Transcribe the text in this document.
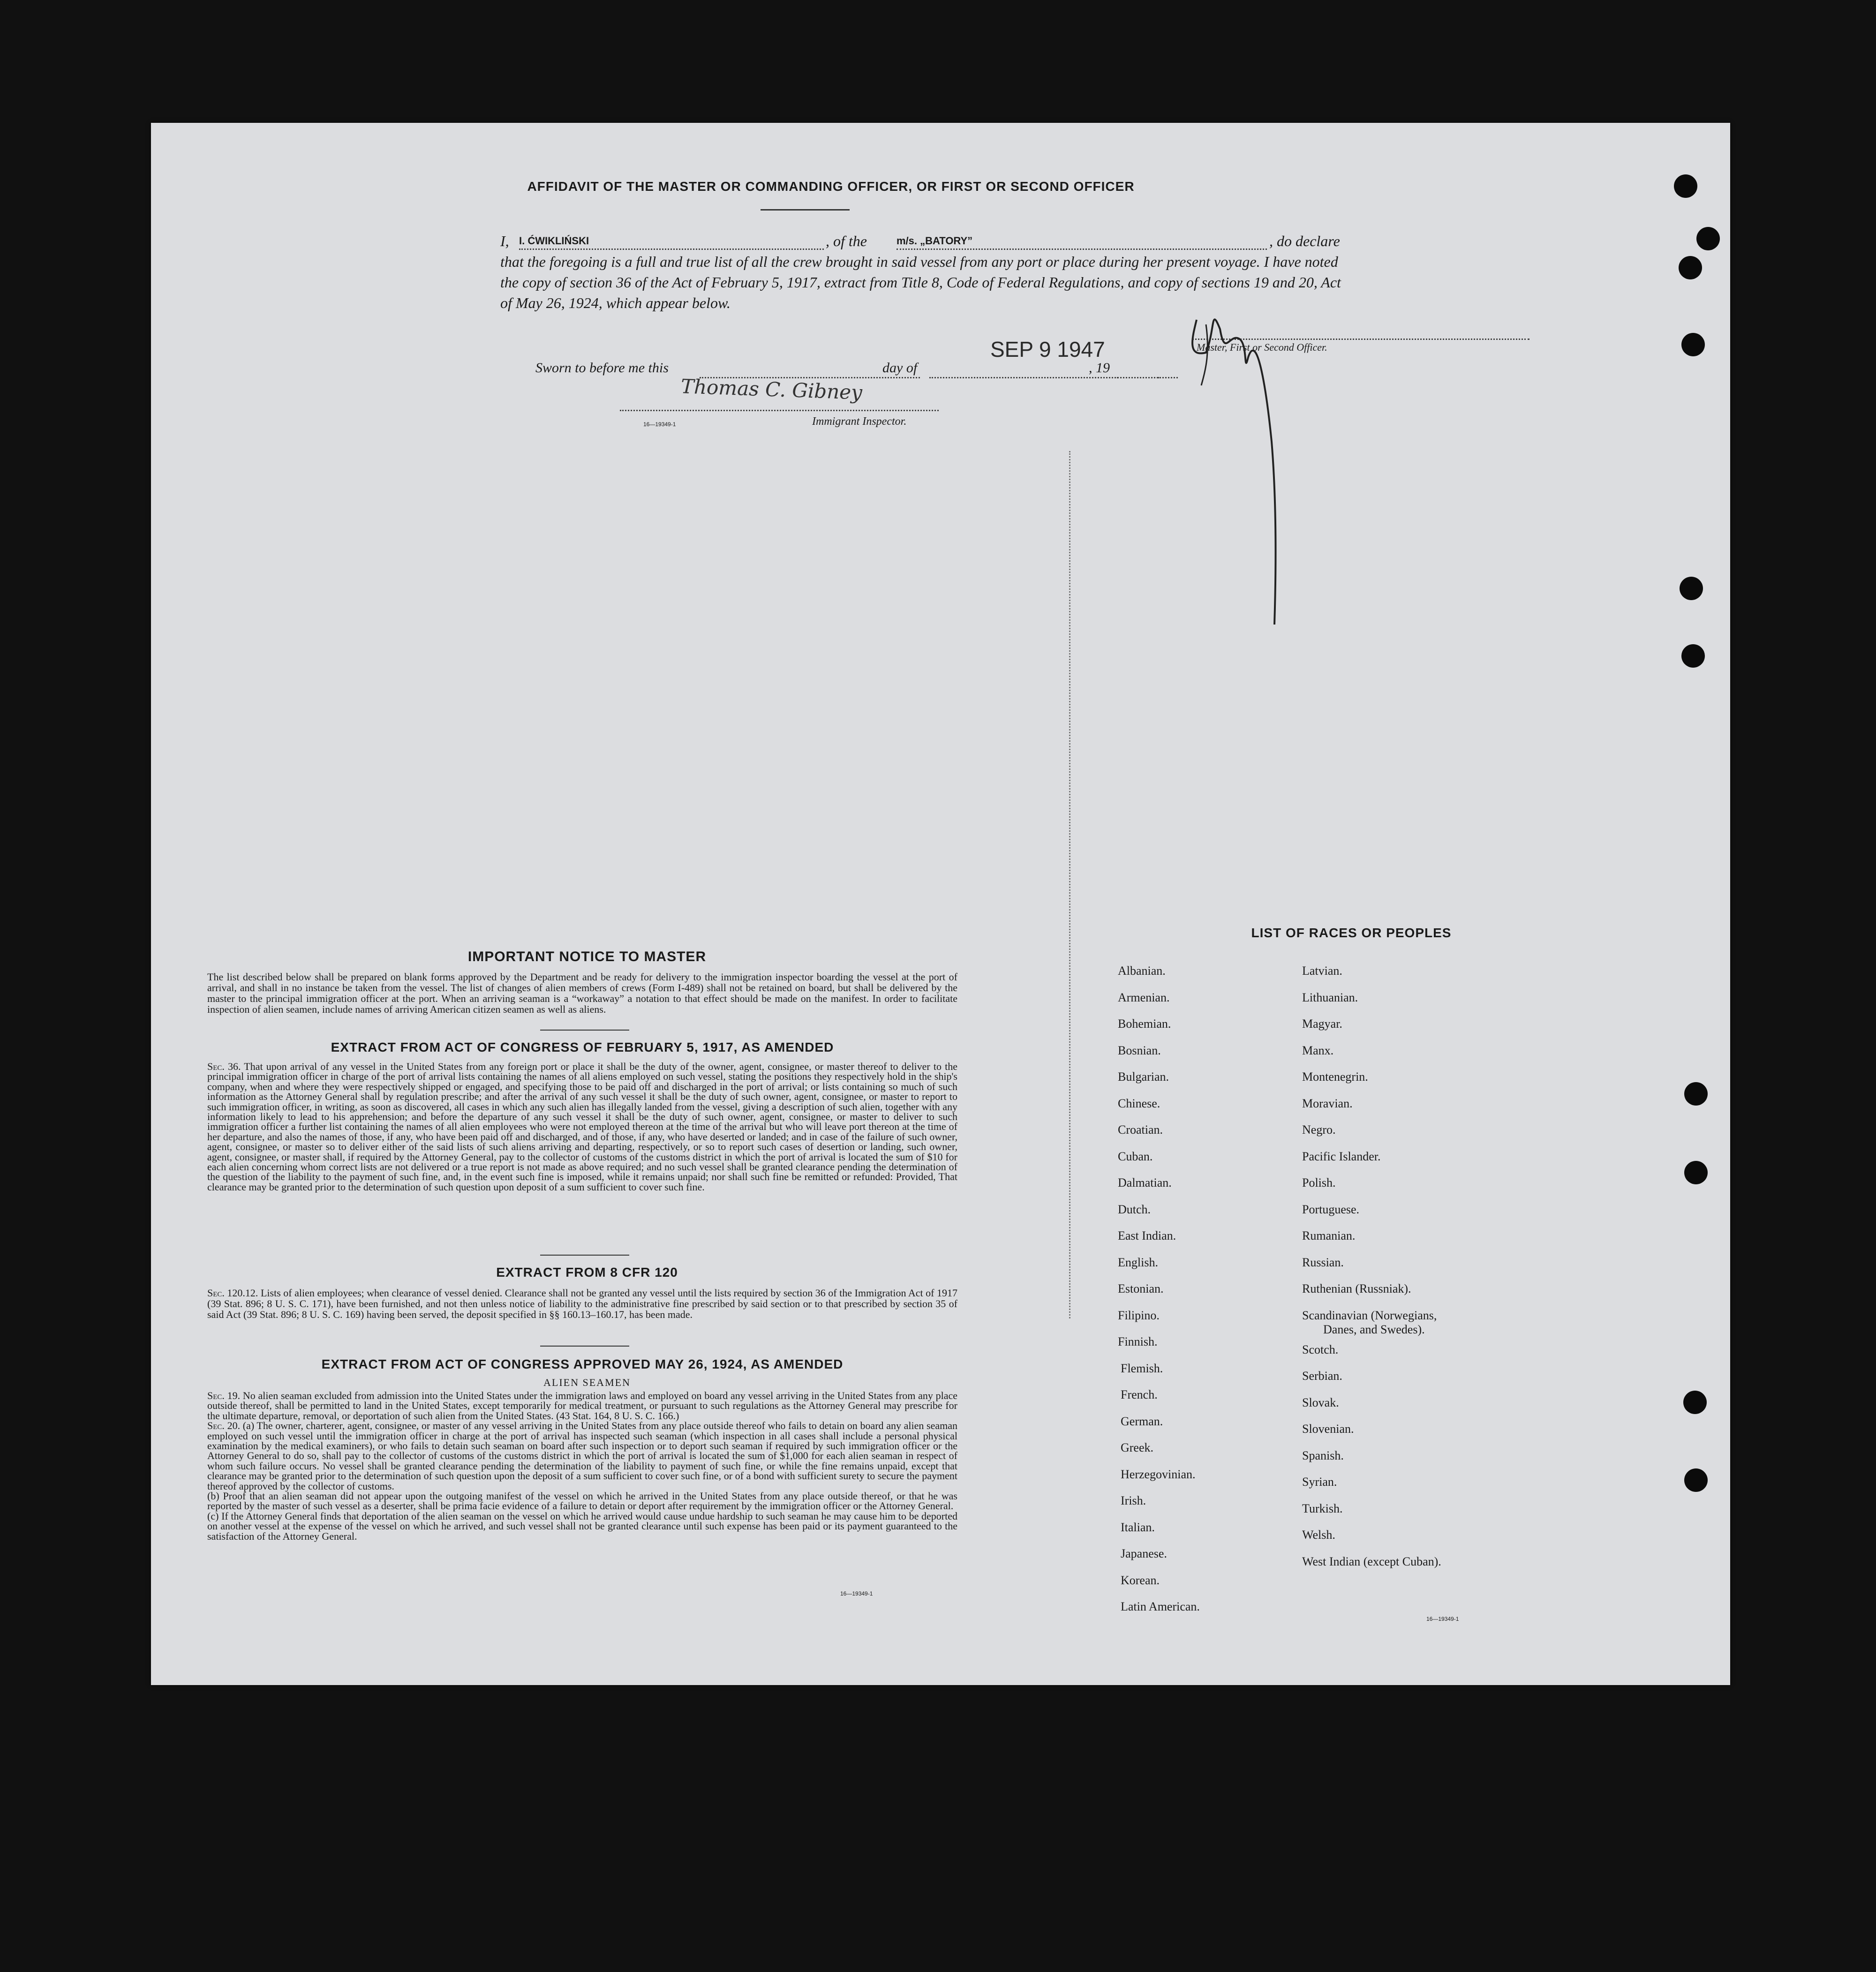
AFFIDAVIT OF THE MASTER OR COMMANDING OFFICER, OR FIRST OR SECOND OFFICER
I, I. ĆWIKLIŃSKI	, of the	m/s. „BATORY”	, do declare
that the foregoing is a full and true list of all the crew brought in said vessel from any port or place during her present voyage. I have noted the copy of section 36 of the Act of February 5, 1917, extract from Title 8, Code of Federal Regulations, and copy of sections 19 and 20, Act of May 26, 1924, which appear below.
Master, First or Second Officer.
Sworn to before me this	day of
SEP 9 1947
, 19
Thomas C. Gibney
Immigrant Inspector.
16—19349-1
IMPORTANT NOTICE TO MASTER
The list described below shall be prepared on blank forms approved by the Department and be ready for delivery to the immigration inspector boarding the vessel at the port of arrival, and shall in no instance be taken from the vessel. The list of changes of alien members of crews (Form I-489) shall not be retained on board, but shall be delivered by the master to the principal immigration officer at the port. When an arriving seaman is a “workaway” a notation to that effect should be made on the manifest. In order to facilitate inspection of alien seamen, include names of arriving American citizen seamen as well as aliens.
EXTRACT FROM ACT OF CONGRESS OF FEBRUARY 5, 1917, AS AMENDED
Sec. 36. That upon arrival of any vessel in the United States from any foreign port or place it shall be the duty of the owner, agent, consignee, or master thereof to deliver to the principal immigration officer in charge of the port of arrival lists containing the names of all aliens employed on such vessel, stating the positions they respectively hold in the ship's company, when and where they were respectively shipped or engaged, and specifying those to be paid off and discharged in the port of arrival; or lists containing so much of such information as the Attorney General shall by regulation prescribe; and after the arrival of any such vessel it shall be the duty of such owner, agent, consignee, or master to report to such immigration officer, in writing, as soon as discovered, all cases in which any such alien has illegally landed from the vessel, giving a description of such alien, together with any information likely to lead to his apprehension; and before the departure of any such vessel it shall be the duty of such owner, agent, consignee, or master to deliver to such immigration officer a further list containing the names of all alien employees who were not employed thereon at the time of the arrival but who will leave port thereon at the time of her departure, and also the names of those, if any, who have been paid off and discharged, and of those, if any, who have deserted or landed; and in case of the failure of such owner, agent, consignee, or master so to deliver either of the said lists of such aliens arriving and departing, respectively, or so to report such cases of desertion or landing, such owner, agent, consignee, or master shall, if required by the Attorney General, pay to the collector of customs of the customs district in which the port of arrival is located the sum of $10 for each alien concerning whom correct lists are not delivered or a true report is not made as above required; and no such vessel shall be granted clearance pending the determination of the question of the liability to the payment of such fine, and, in the event such fine is imposed, while it remains unpaid; nor shall such fine be remitted or refunded: Provided, That clearance may be granted prior to the determination of such question upon deposit of a sum sufficient to cover such fine.
EXTRACT FROM 8 CFR 120
Sec. 120.12. Lists of alien employees; when clearance of vessel denied. Clearance shall not be granted any vessel until the lists required by section 36 of the Immigration Act of 1917 (39 Stat. 896; 8 U. S. C. 171), have been furnished, and not then unless notice of liability to the administrative fine prescribed by said section or to that prescribed by section 35 of said Act (39 Stat. 896; 8 U. S. C. 169) having been served, the deposit specified in §§ 160.13–160.17, has been made.
EXTRACT FROM ACT OF CONGRESS APPROVED MAY 26, 1924, AS AMENDED
ALIEN SEAMEN
Sec. 19. No alien seaman excluded from admission into the United States under the immigration laws and employed on board any vessel arriving in the United States from any place outside thereof, shall be permitted to land in the United States, except temporarily for medical treatment, or pursuant to such regulations as the Attorney General may prescribe for the ultimate departure, removal, or deportation of such alien from the United States. (43 Stat. 164, 8 U. S. C. 166.)
Sec. 20. (a) The owner, charterer, agent, consignee, or master of any vessel arriving in the United States from any place outside thereof who fails to detain on board any alien seaman employed on such vessel until the immigration officer in charge at the port of arrival has inspected such seaman (which inspection in all cases shall include a personal physical examination by the medical examiners), or who fails to detain such seaman on board after such inspection or to deport such seaman if required by such immigration officer or the Attorney General to do so, shall pay to the collector of customs of the customs district in which the port of arrival is located the sum of $1,000 for each alien seaman in respect of whom such failure occurs. No vessel shall be granted clearance pending the determination of the liability to payment of such fine, or while the fine remains unpaid, except that clearance may be granted prior to the determination of such question upon the deposit of a sum sufficient to cover such fine, or of a bond with sufficient surety to secure the payment thereof approved by the collector of customs.
(b) Proof that an alien seaman did not appear upon the outgoing manifest of the vessel on which he arrived in the United States from any place outside thereof, or that he was reported by the master of such vessel as a deserter, shall be prima facie evidence of a failure to detain or deport after requirement by the immigration officer or the Attorney General.
(c) If the Attorney General finds that deportation of the alien seaman on the vessel on which he arrived would cause undue hardship to such seaman he may cause him to be deported on another vessel at the expense of the vessel on which he arrived, and such vessel shall not be granted clearance until such expense has been paid or its payment guaranteed to the satisfaction of the Attorney General.
16—19349-1
LIST OF RACES OR PEOPLES
Albanian.
Armenian.
Bohemian.
Bosnian.
Bulgarian.
Chinese.
Croatian.
Cuban.
Dalmatian.
Dutch.
East Indian.
English.
Estonian.
Filipino.
Finnish.
Flemish.
French.
German.
Greek.
Herzegovinian.
Irish.
Italian.
Japanese.
Korean.
Latin American.
Latvian.
Lithuanian.
Magyar.
Manx.
Montenegrin.
Moravian.
Negro.
Pacific Islander.
Polish.
Portuguese.
Rumanian.
Russian.
Ruthenian (Russniak).
Scandinavian (Norwegians,
Danes, and Swedes).
Scotch.
Serbian.
Slovak.
Slovenian.
Spanish.
Syrian.
Turkish.
Welsh.
West Indian (except Cuban).
16—19349-1
